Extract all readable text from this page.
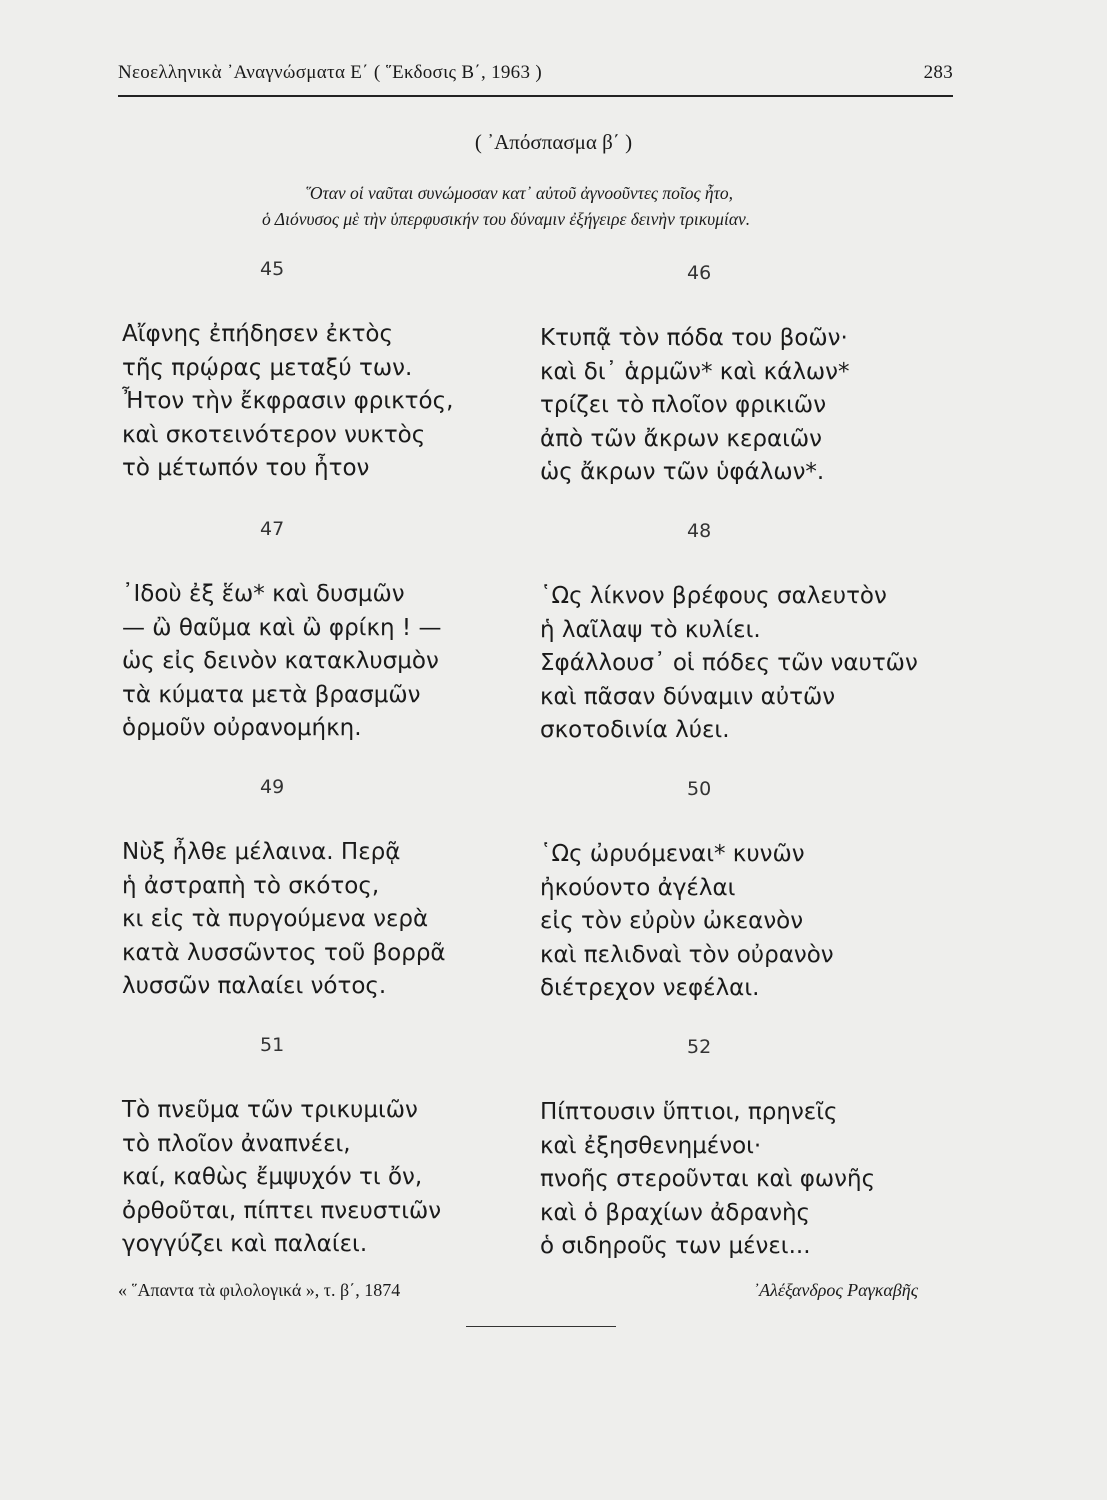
Νεοελληνικὰ ᾿Αναγνώσματα Ε΄ ( ῞Εκδοσις Β΄, 1963 )	283
( ᾿Απόσπασμα β΄ )
῞Οταν οἱ ναῦται συνώμοσαν κατ᾿ αὐτοῦ ἀγνοοῦντες ποῖος ἦτο,
ὁ Διόνυσος μὲ τὴν ὑπερφυσικήν του δύναμιν ἐξήγειρε δεινὴν τρικυμίαν.
45
Αἴφνης ἐπήδησεν ἐκτὸς
τῆς πρῴρας μεταξύ των.
Ἦτον τὴν ἔκφρασιν φρικτός,
καὶ σκοτεινότερον νυκτὸς
τὸ μέτωπόν του ἦτον
46
Κτυπᾷ τὸν πόδα του βοῶν·
καὶ δι᾿ ἁρμῶν* καὶ κάλων*
τρίζει τὸ πλοῖον φρικιῶν
ἀπὸ τῶν ἄκρων κεραιῶν
ὡς ἄκρων τῶν ὑφάλων*.
47
᾿Ιδοὺ ἐξ ἕω* καὶ δυσμῶν
— ὢ θαῦμα καὶ ὢ φρίκη ! —
ὡς εἰς δεινὸν κατακλυσμὸν
τὰ κύματα μετὰ βρασμῶν
ὁρμοῦν οὐρανομήκη.
48
῾Ως λίκνον βρέφους σαλευτὸν
ἡ λαῖλαψ τὸ κυλίει.
Σφάλλουσ᾿ οἱ πόδες τῶν ναυτῶν
καὶ πᾶσαν δύναμιν αὐτῶν
σκοτοδινία λύει.
49
Νὺξ ἦλθε μέλαινα. Περᾷ
ἡ ἀστραπὴ τὸ σκότος,
κι εἰς τὰ πυργούμενα νερὰ
κατὰ λυσσῶντος τοῦ βορρᾶ
λυσσῶν παλαίει νότος.
50
῾Ως ὠρυόμεναι* κυνῶν
ἠκούοντο ἀγέλαι
εἰς τὸν εὐρὺν ὠκεανὸν
καὶ πελιδναὶ τὸν οὐρανὸν
διέτρεχον νεφέλαι.
51
Τὸ πνεῦμα τῶν τρικυμιῶν
τὸ πλοῖον ἀναπνέει,
καί, καθὼς ἔμψυχόν τι ὄν,
ὀρθοῦται, πίπτει πνευστιῶν
γογγύζει καὶ παλαίει.
52
Πίπτουσιν ὕπτιοι, πρηνεῖς
καὶ ἐξησθενημένοι·
πνοῆς στεροῦνται καὶ φωνῆς
καὶ ὁ βραχίων ἀδρανὴς
ὁ σιδηροῦς των μένει...
« ῞Απαντα τὰ φιλολογικά », τ. β΄, 1874	᾿Αλέξανδρος Ραγκαβῆς
